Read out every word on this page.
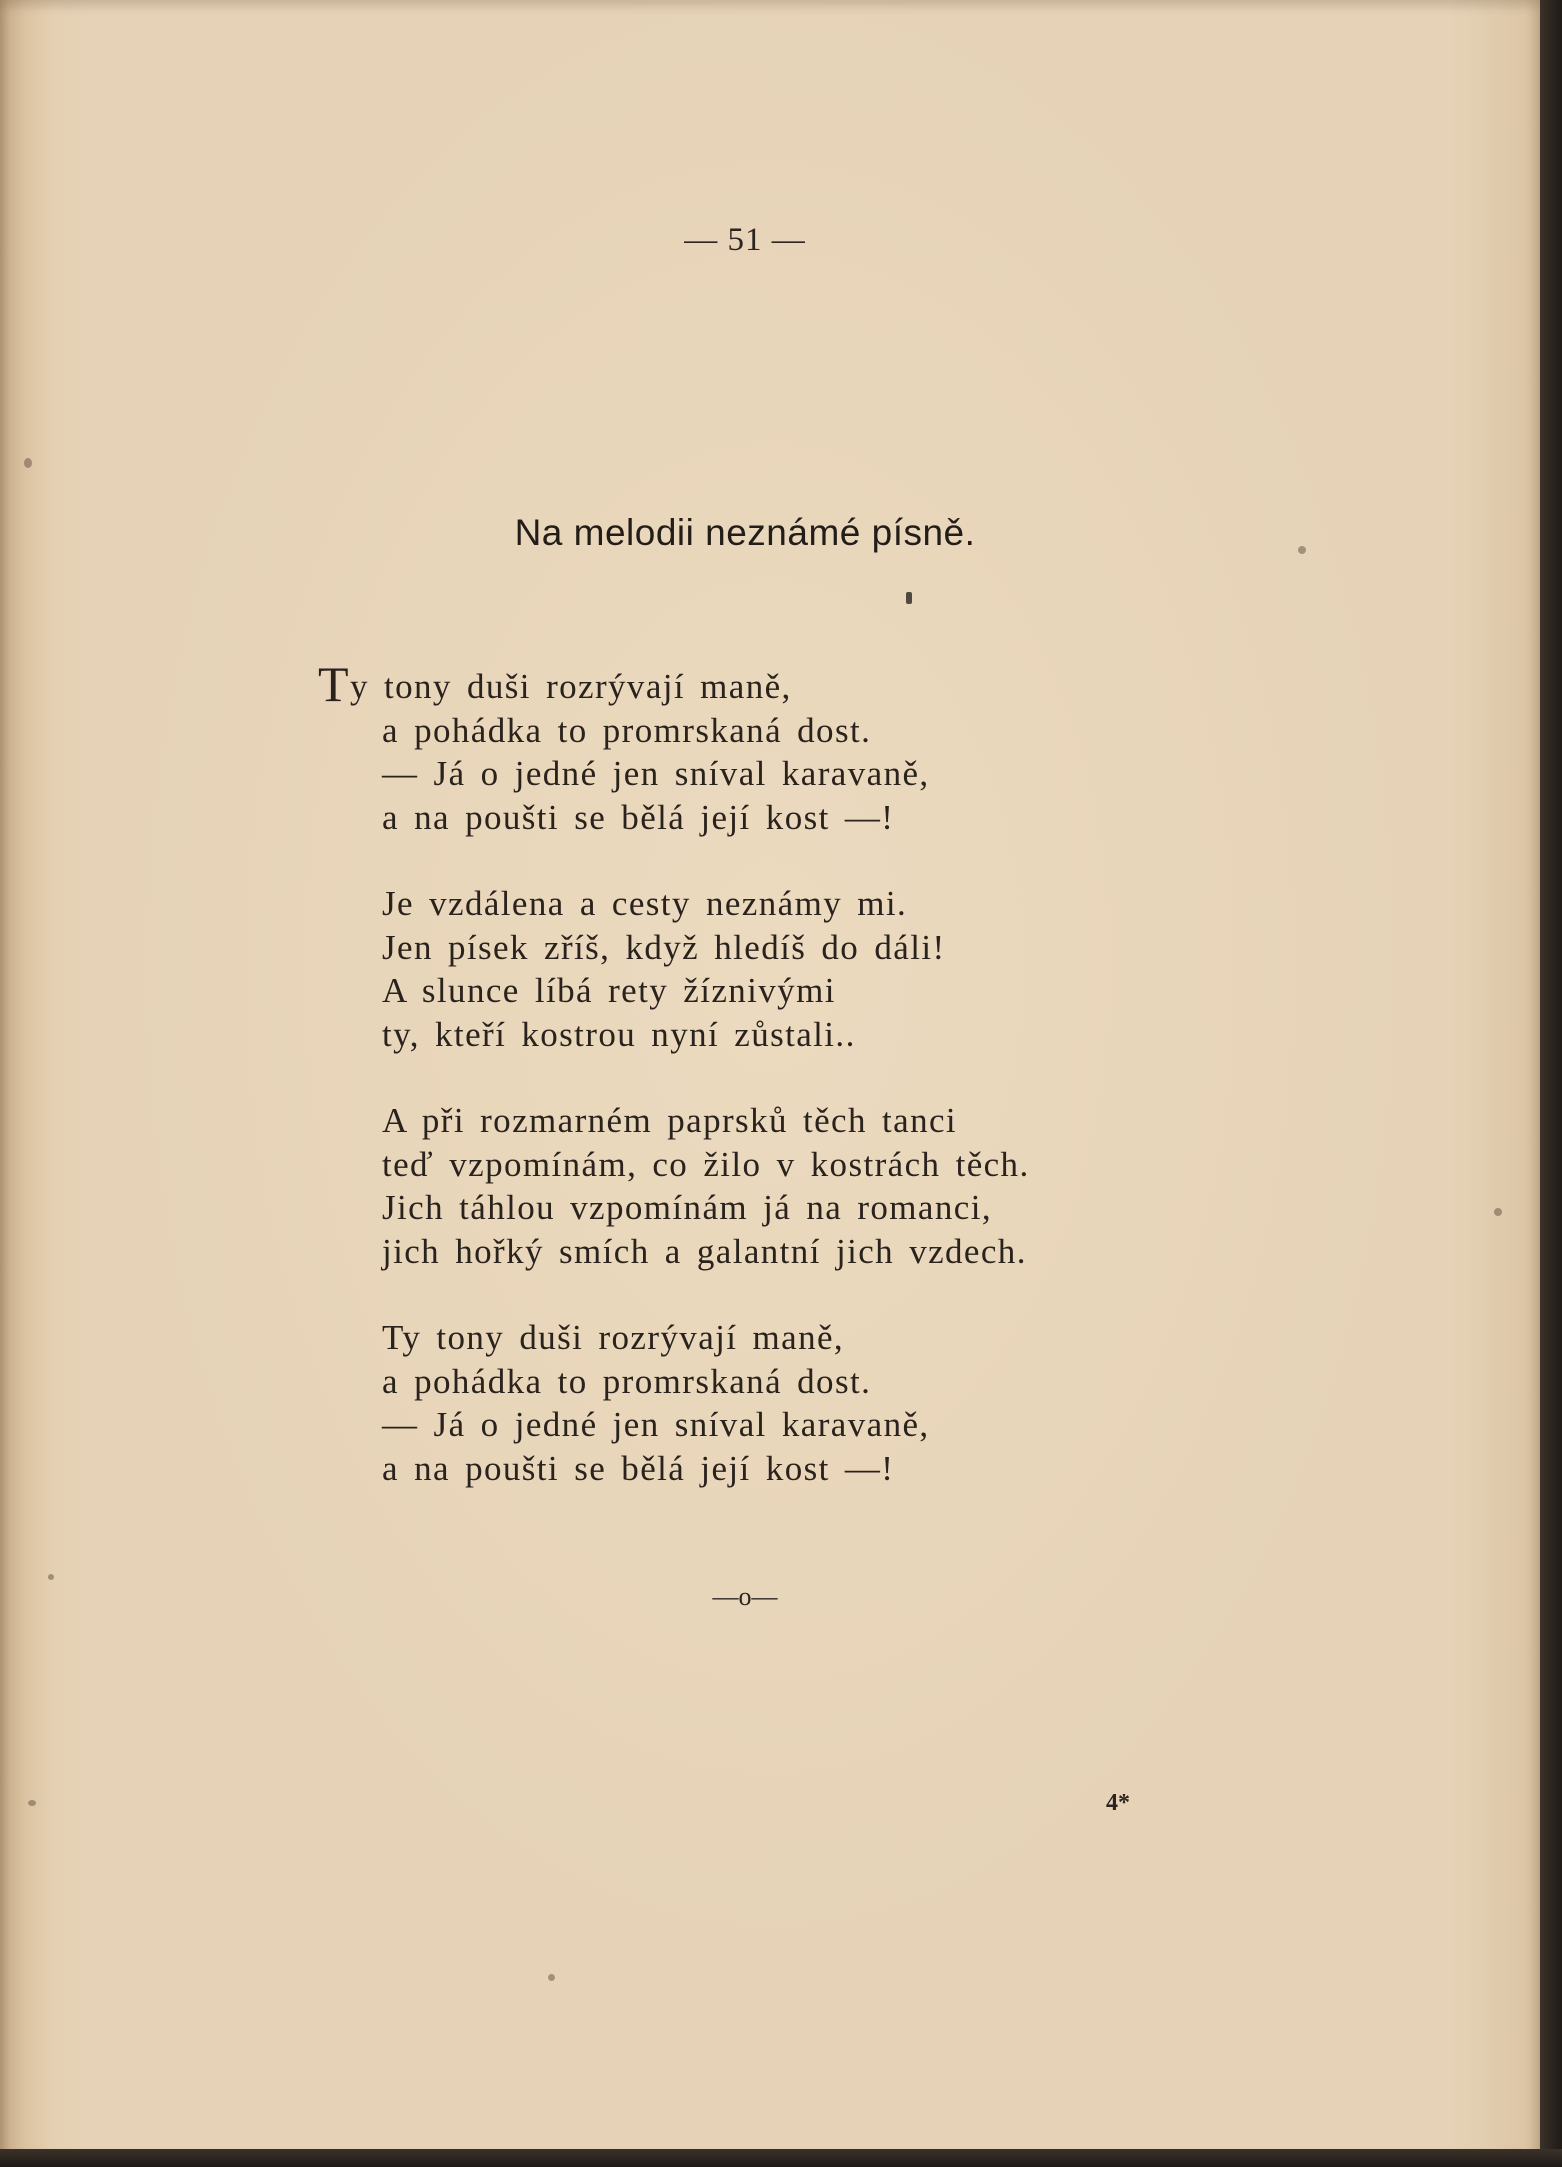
— 51 —
Na melodii neznámé písně.
Ty tony duši rozrývají maně,
a pohádka to promrskaná dost.
— Já o jedné jen sníval karavaně,
a na poušti se bělá její kost —!
Je vzdálena a cesty neznámy mi.
Jen písek zříš, když hledíš do dáli!
A slunce líbá rety žíznivými
ty, kteří kostrou nyní zůstali..
A při rozmarném paprsků těch tanci
teď vzpomínám, co žilo v kostrách těch.
Jich táhlou vzpomínám já na romanci,
jich hořký smích a galantní jich vzdech.
Ty tony duši rozrývají maně,
a pohádka to promrskaná dost.
— Já o jedné jen sníval karavaně,
a na poušti se bělá její kost —!
—o—
4*
